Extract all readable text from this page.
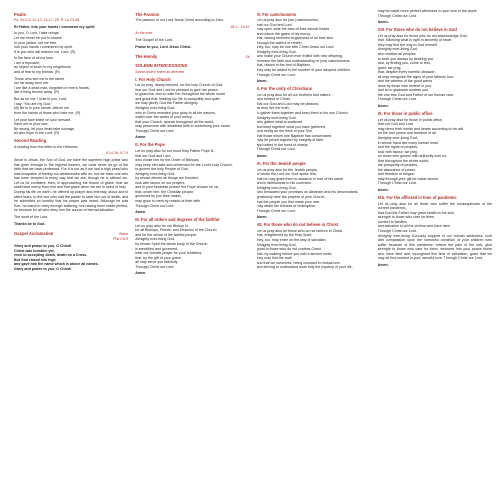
Psalm

Ps. 30:2-6, 12-13, 15-17, 25. R. Lk 23:46.

R/ Father, into your hands I commend my spirit.

In you, O Lord, I take refuge.
Let me never be put to shame.
In your justice, set me free.
Into your hands I commend my spirit.
It is you who will redeem me, Lord. (R)

In the face of all my foes
I am a reproach,
an object of scorn to my neighbours
and of fear to my friends. (R)

Those who see me in the street
run far away from me.
I am like a dead man, forgotten in men's hearts,
like a thing thrown away. (R)

But as for me, I trust in you, Lord,
I say: 'You are my God.'
My life is in your hands, deliver me
from the hands of those who hate me. (R)

Let your face shine on your servant.
Save me in your love.
Be strong, let your heart take courage,
all who hope in the Lord. (R)

Second Reading

A reading from the letter to the Hebrews

4:14-16; 5:7-9

Since in Jesus, the Son of God, we have the supreme high priest who has gone through to the highest heaven, we must never let go of the faith that we have professed. For it is not as if we had a high priest who was incapable of feeling our weaknesses with us; but we have one who has been tempted in every way that we are, though he is without sin. Let us be confident, then, in approaching the throne of grace, that we shall have mercy from him and find grace when we are in need of help.
During his life on earth, he offered up prayer and entreaty, aloud and in silent tears, to the one who had the power to save him out of death, and he submitted so humbly that his prayer was heard. Although he was Son, he learnt to obey through suffering; but having been made perfect, he became for all who obey him the source of eternal salvation.

The word of the Lord.

Thanks be to God.

Gospel Acclamation	Stand

Phil 2:8-9

Glory and praise to you, O Christ!
Christ was humbler yet,
even to accepting death, death on a Cross.
But God raised him high
and gave him the name which is above all names.
Glory and praise to you, O Christ!

The Passion

The passion of our Lord Jesus Christ according to John

18:1 - 19:42

At the end:

The Gospel of the Lord.

Praise to you, Lord Jesus Christ.

The Homily	Sit
SOLEMN INTERCESSIONS

Stand and/or kneel as directed.

I. For Holy Church

Let us pray, dearly beloved, for the holy Church of God,
that our God and Lord be pleased to give her peace,
to guard her and to unite her throughout the whole world
and grant that, leading our life in tranquillity and quiet,
we may glorify God the Father almighty.
Almighty ever-living God,
who in Christ revealed your glory to all the nations,
watch over the works of your mercy,
that your Church, spread throughout all the world,
may persevere with steadfast faith in confessing your name.
Through Christ our Lord.

Amen.

II. For the Pope

Let us pray also for our most Holy Father Pope N.,
that our God and Lord,
who chose him for the Order of Bishops,
may keep him safe and unharmed for the Lord's holy Church,
to govern the holy People of God.
Almighty ever-living God,
by whose decree all things are founded,
look with favour on our prayers
and in your kindness protect the Pope chosen for us,
that, under him, the Christian people,
governed by you their maker,
may grow in merit by reason of their faith.
Through Christ our Lord.

Amen.

III. For all orders and degrees of the faithful

Let us pray also for our Bishop N.,
for all Bishops, Priests, and Deacons of the Church
and for the whole of the faithful people.
Almighty ever-living God,
by whose Spirit the whole body of the Church
is sanctified and governed,
hear our humble prayer for your ministers,
that, by the gift of your grace,
all may serve you faithfully.
Through Christ our Lord.

Amen.

IV. For catechumens

Let us pray also for (our) catechumens,
that our God and Lord
may open wide the ears of their inmost hearts
and unlock the gates of his mercy,
that, having received forgiveness of all their sins
through the waters of rebirth,
they, too, may be one with Christ Jesus our Lord.
Almighty ever-living God,
who make your Church ever fruitful with new offspring,
increase the faith and understanding of (our) catechumens,
that, reborn in the font of Baptism,
they may be added to the number of your adopted children.
Through Christ our Lord.

Amen.

V. For the unity of Christians

Let us pray also for all our brothers and sisters
who believe in Christ,
that our God and Lord may be pleased,
as they live the truth,
to gather them together and keep them in his one Church.
Almighty ever-living God,
who gather what is scattered
and keep together what you have gathered,
look kindly on the flock of your Son,
that those whom one Baptism has consecrated
may be joined together by integrity of faith
and united in the bond of charity.
Through Christ our Lord.

Amen.

VI. For the Jewish people

Let us pray also for the Jewish people,
to whom the Lord our God spoke first,
that he may grant them to advance in love of his name
and in faithfulness to his covenant.
Almighty ever-living God,
who bestowed your promises on Abraham and his descendants,
graciously hear the prayers of your Church,
that the people you first made your own
may attain the fullness of redemption.
Through Christ our Lord.

Amen.

VII. For those who do not believe in Christ

Let us pray also for those who do not believe in Christ,
that, enlightened by the Holy Spirit,
they, too, may enter on the way of salvation.
Almighty ever-living God,
grant to those who do not confess Christ
that, by walking before you with a sincere heart,
they may find the truth
and that we ourselves, being constant in mutual love
and striving to understand more fully the mystery of your life,

may be made more perfect witnesses to your love in the world.
Through Christ our Lord.

Amen.

VIII. For those who do not believe in God

Let us pray also for those who do not acknowledge God,
that, following what is right in sincerity of heart,
they may find the way to God himself.
Almighty ever-living God,
who created all peoples
to seek you always by desiring you
and, by finding you, come to rest,
grant, we pray,
that, despite every harmful obstacle,
all may recognise the signs of your fatherly love
and the witness of the good works
done by those who believe in you,
and so in gladness confess you,
the one true God and Father of our human race.
Through Christ our Lord.

Amen.

IX. For those in public office

Let us pray also for those in public office,
that our God and Lord
may direct their minds and hearts according to his will
for the true peace and freedom of all.
Almighty ever-living God,
in whose hand lies every human heart
and the rights of peoples,
look with favour, we pray,
on those who govern with authority over us,
that throughout the whole world,
the prosperity of peoples,
the assurance of peace,
and freedom of religion
may through your gift be made secure.
Through Christ our Lord.

Amen.

IXb. For the afflicted in time of pandemic

Let us pray also for all those who suffer the consequences of the current pandemic,
that God the Father may grant health to the sick,
strength to those who care for them,
comfort to families
and salvation to all the victims who have died.
Through Christ our Lord.
Almighty ever-living God,only support of our human weakness, look with compassion upon the sorrowful condition of your children who suffer because of this pandemic; relieve the pain of the sick, give strength to those who care for them, welcome into your peace those who have died and, throughout this time of tribulation, grant that we may all find comfort in your merciful love. Through Christ our Lord.

Amen.
